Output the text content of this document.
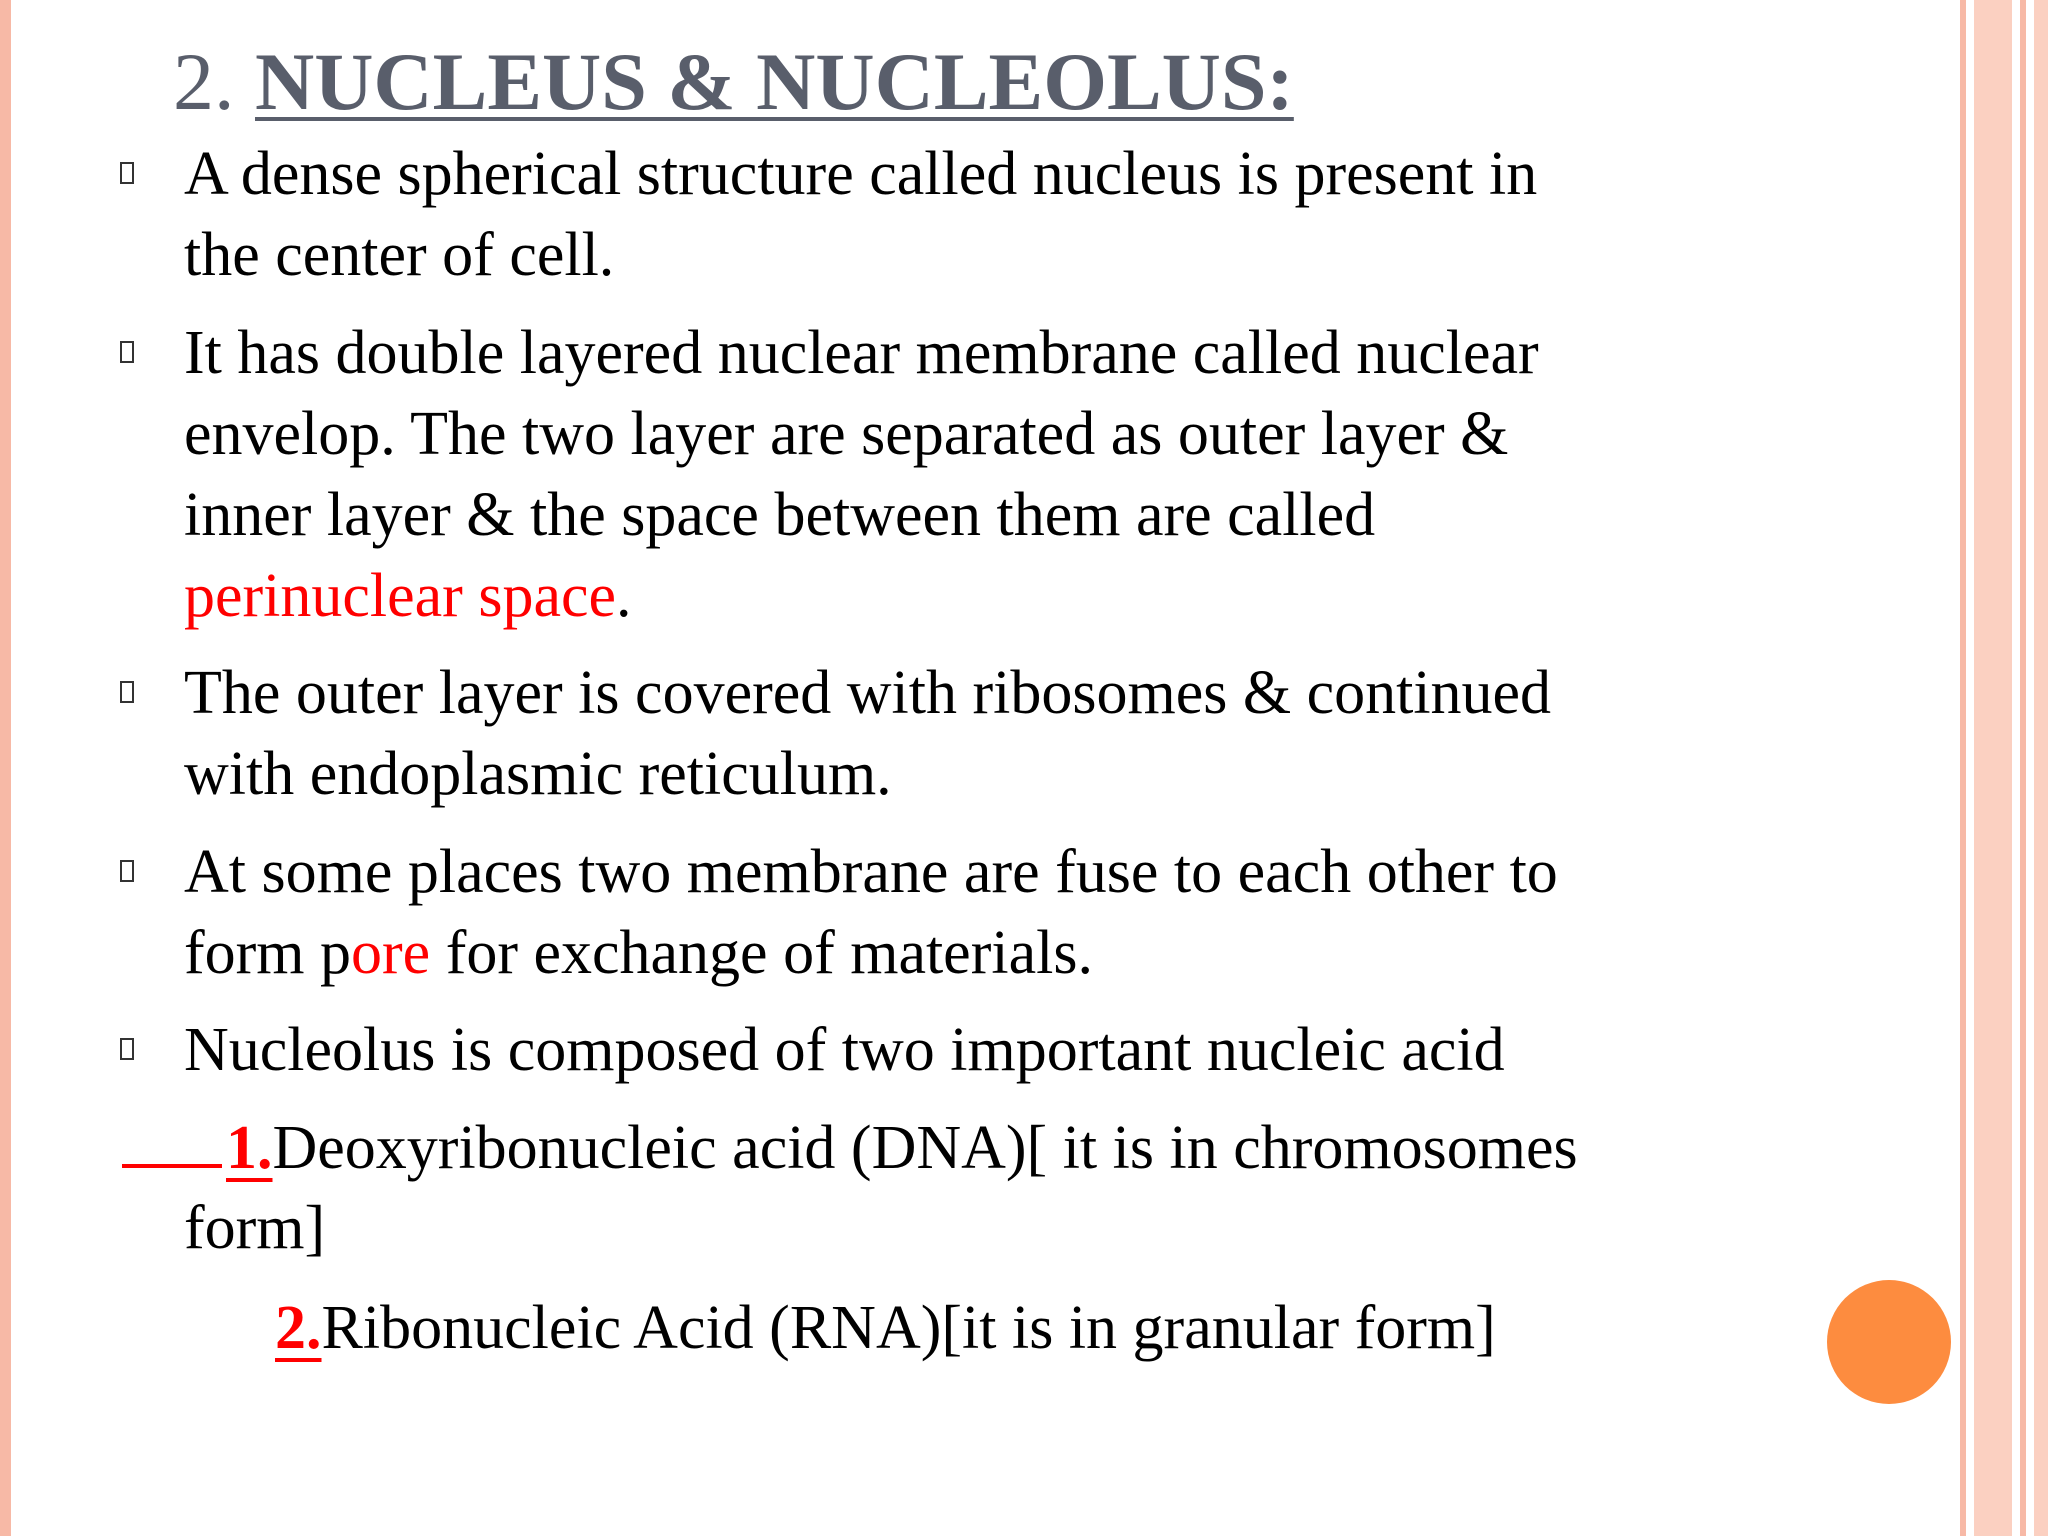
2. NUCLEUS & NUCLEOLUS:
A dense spherical structure called nucleus is present in
the center of cell.
It has double layered nuclear membrane called nuclear
envelop. The two layer are separated as outer layer &
inner layer & the space between them are called
perinuclear space.
The outer layer is covered with ribosomes & continued
with endoplasmic reticulum.
At some places two membrane are fuse to each other to
form pore for exchange of materials.
Nucleolus is composed of two important nucleic acid
1.Deoxyribonucleic acid (DNA)[ it is in chromosomes
form]
2.Ribonucleic Acid (RNA)[it is in granular form]
